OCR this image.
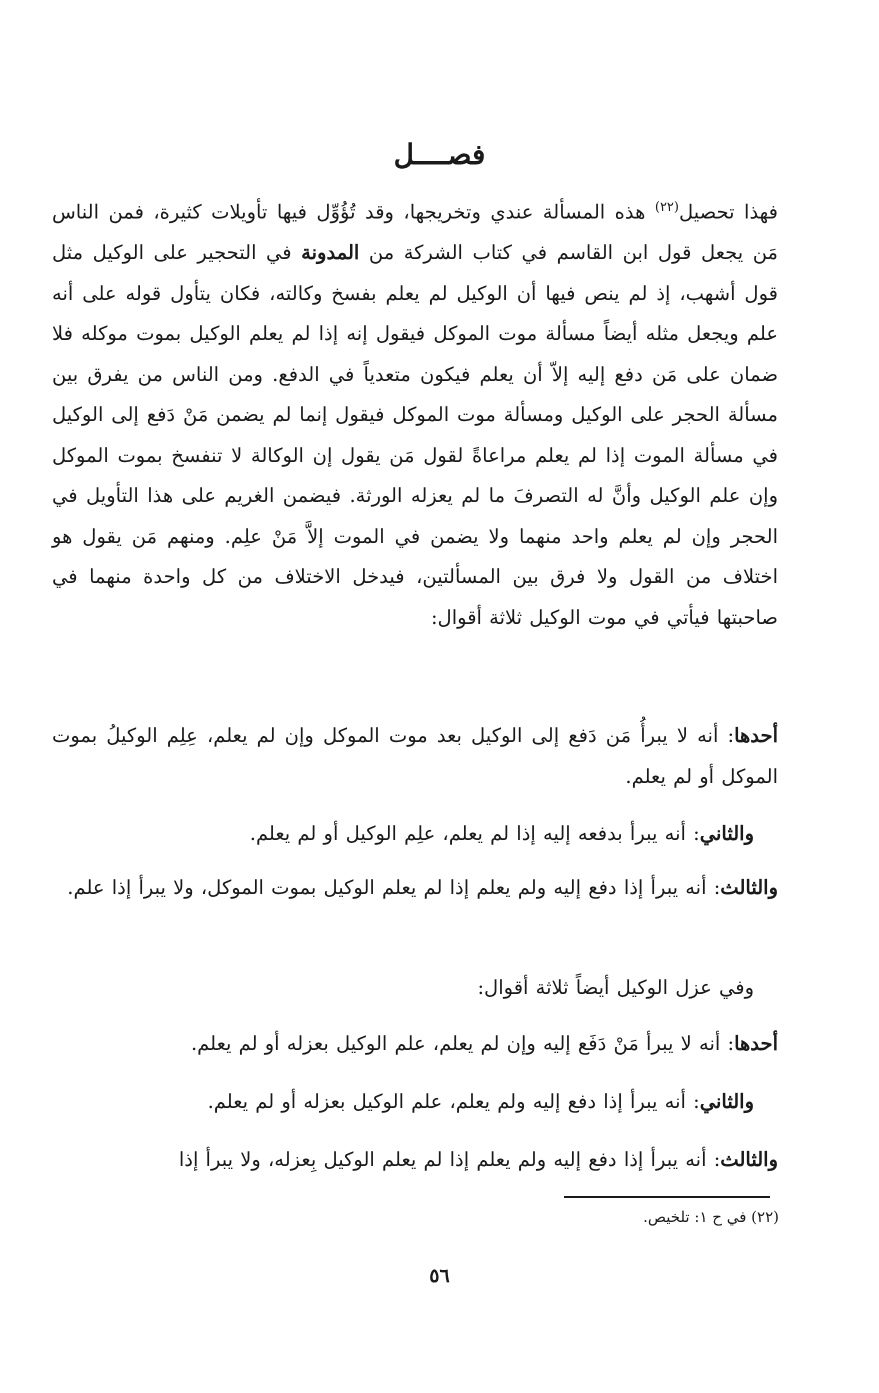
فصــــل
فهذا تحصيل$^{(٢٢)}$ هذه المسألة عندي وتخريجها، وقد تُؤُوِّل فيها تأويلات كثيرة، فمن الناس مَن يجعل قول ابن القاسم في كتاب الشركة من المدونة في التحجير على الوكيل مثل قول أشهب، إذ لم ينص فيها أن الوكيل لم يعلم بفسخ وكالته، فكان يتأول قوله على أنه علم ويجعل مثله أيضاً مسألة موت الموكل فيقول إنه إذا لم يعلم الوكيل بموت موكله فلا ضمان على مَن دفع إليه إلاّ أن يعلم فيكون متعدياً في الدفع. ومن الناس من يفرق بين مسألة الحجر على الوكيل ومسألة موت الموكل فيقول إنما لم يضمن مَنْ دَفع إلى الوكيل في مسألة الموت إذا لم يعلم مراعاةً لقول مَن يقول إن الوكالة لا تنفسخ بموت الموكل وإن علم الوكيل وأنَّ له التصرفَ ما لم يعزله الورثة. فيضمن الغريم على هذا التأويل في الحجر وإن لم يعلم واحد منهما ولا يضمن في الموت إلاَّ مَنْ علِم. ومنهم مَن يقول هو اختلاف من القول ولا فرق بين المسألتين، فيدخل الاختلاف من كل واحدة منهما في صاحبتها فيأتي في موت الوكيل ثلاثة أقوال:
أحدها: أنه لا يبرأُ مَن دَفع إلى الوكيل بعد موت الموكل وإن لم يعلم، عِلِم الوكيلُ بموت الموكل أو لم يعلم.
والثاني: أنه يبرأ بدفعه إليه إذا لم يعلم، علِم الوكيل أو لم يعلم.
والثالث: أنه يبرأ إذا دفع إليه ولم يعلم إذا لم يعلم الوكيل بموت الموكل، ولا يبرأ إذا علم.
وفي عزل الوكيل أيضاً ثلاثة أقوال:
أحدها: أنه لا يبرأ مَنْ دَفَع إليه وإن لم يعلم، علم الوكيل بعزله أو لم يعلم.
والثاني: أنه يبرأ إذا دفع إليه ولم يعلم، علم الوكيل بعزله أو لم يعلم.
والثالث: أنه يبرأ إذا دفع إليه ولم يعلم إذا لم يعلم الوكيل بِعزله، ولا يبرأ إذا
(٢٢) في ح ١: تلخيص.
٥٦
